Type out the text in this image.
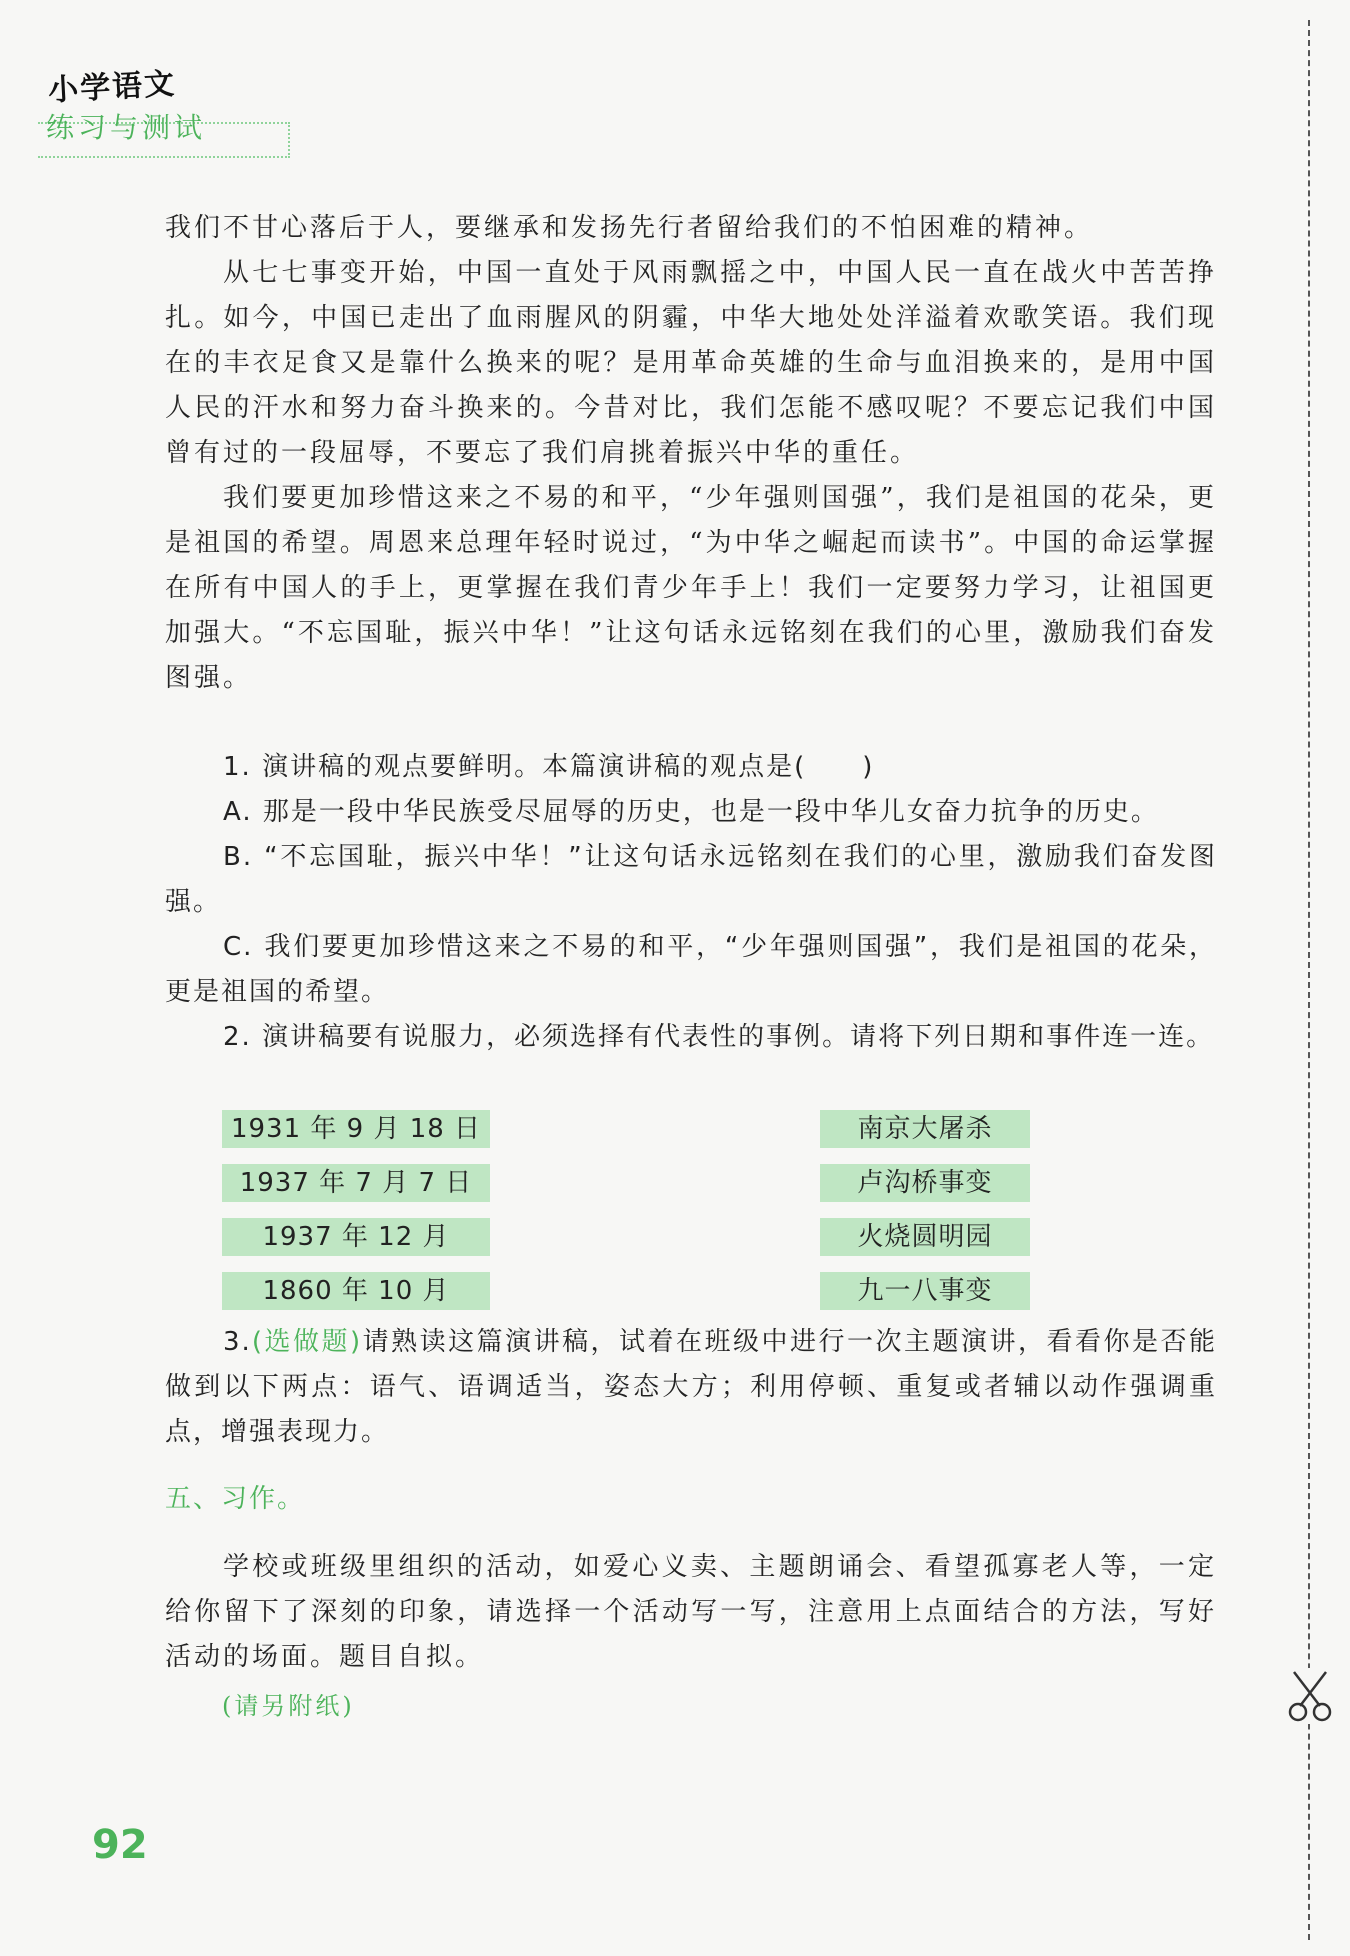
小学语文
练习与测试
我们不甘心落后于人，要继承和发扬先行者留给我们的不怕困难的精神。
从七七事变开始，中国一直处于风雨飘摇之中，中国人民一直在战火中苦苦挣扎。如今，中国已走出了血雨腥风的阴霾，中华大地处处洋溢着欢歌笑语。我们现在的丰衣足食又是靠什么换来的呢？是用革命英雄的生命与血泪换来的，是用中国人民的汗水和努力奋斗换来的。今昔对比，我们怎能不感叹呢？不要忘记我们中国曾有过的一段屈辱，不要忘了我们肩挑着振兴中华的重任。
我们要更加珍惜这来之不易的和平，“少年强则国强”，我们是祖国的花朵，更是祖国的希望。周恩来总理年轻时说过，“为中华之崛起而读书”。中国的命运掌握在所有中国人的手上，更掌握在我们青少年手上！我们一定要努力学习，让祖国更加强大。“不忘国耻，振兴中华！”让这句话永远铭刻在我们的心里，激励我们奋发图强。
1. 演讲稿的观点要鲜明。本篇演讲稿的观点是(　　)
A. 那是一段中华民族受尽屈辱的历史，也是一段中华儿女奋力抗争的历史。
B. “不忘国耻，振兴中华！”让这句话永远铭刻在我们的心里，激励我们奋发图强。
C. 我们要更加珍惜这来之不易的和平，“少年强则国强”，我们是祖国的花朵，更是祖国的希望。
2. 演讲稿要有说服力，必须选择有代表性的事例。请将下列日期和事件连一连。
1931 年 9 月 18 日
1937 年 7 月 7 日
1937 年 12 月
1860 年 10 月
南京大屠杀
卢沟桥事变
火烧圆明园
九一八事变
3.(选做题)请熟读这篇演讲稿，试着在班级中进行一次主题演讲，看看你是否能做到以下两点：语气、语调适当，姿态大方；利用停顿、重复或者辅以动作强调重点，增强表现力。
五、习作。
学校或班级里组织的活动，如爱心义卖、主题朗诵会、看望孤寡老人等，一定给你留下了深刻的印象，请选择一个活动写一写，注意用上点面结合的方法，写好活动的场面。题目自拟。
(请另附纸)
92
